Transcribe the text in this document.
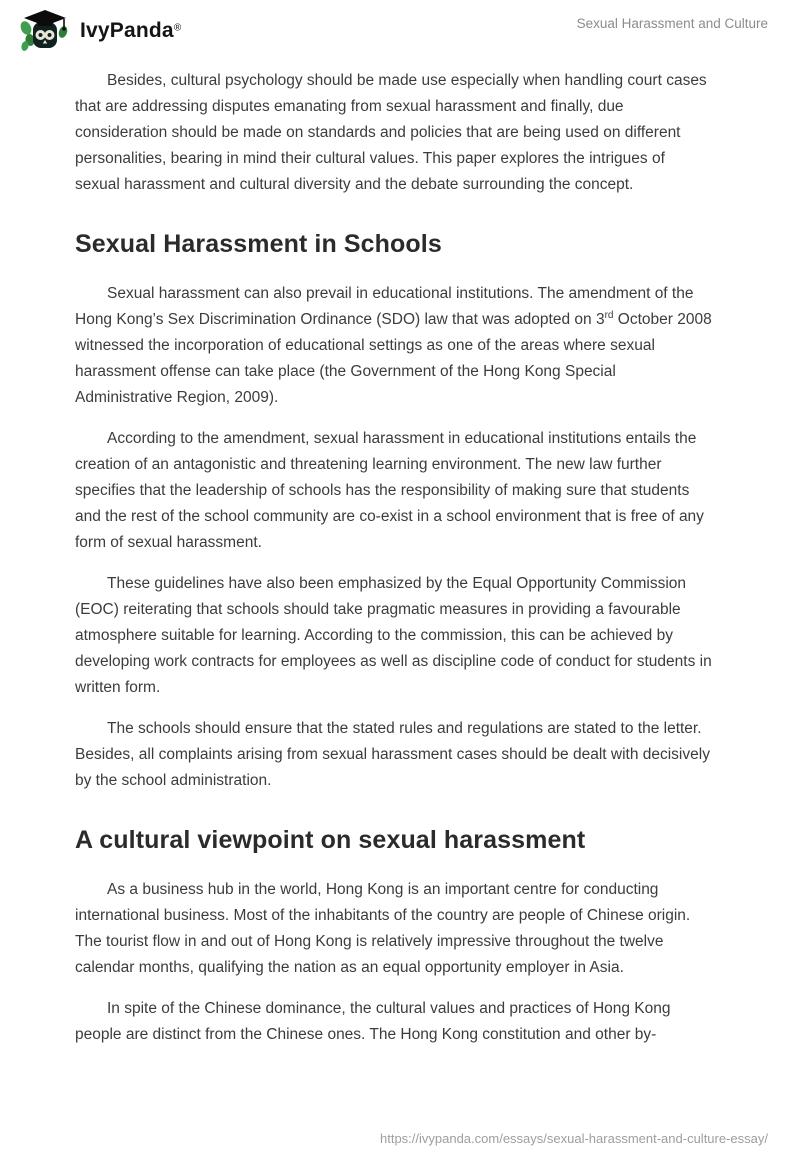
IvyPanda®	Sexual Harassment and Culture

Besides, cultural psychology should be made use especially when handling court cases that are addressing disputes emanating from sexual harassment and finally, due consideration should be made on standards and policies that are being used on different personalities, bearing in mind their cultural values. This paper explores the intrigues of sexual harassment and cultural diversity and the debate surrounding the concept.

Sexual Harassment in Schools

Sexual harassment can also prevail in educational institutions. The amendment of the Hong Kong’s Sex Discrimination Ordinance (SDO) law that was adopted on 3rd October 2008 witnessed the incorporation of educational settings as one of the areas where sexual harassment offense can take place (the Government of the Hong Kong Special Administrative Region, 2009).

According to the amendment, sexual harassment in educational institutions entails the creation of an antagonistic and threatening learning environment. The new law further specifies that the leadership of schools has the responsibility of making sure that students and the rest of the school community are co-exist in a school environment that is free of any form of sexual harassment.

These guidelines have also been emphasized by the Equal Opportunity Commission (EOC) reiterating that schools should take pragmatic measures in providing a favourable atmosphere suitable for learning. According to the commission, this can be achieved by developing work contracts for employees as well as discipline code of conduct for students in written form.

The schools should ensure that the stated rules and regulations are stated to the letter. Besides, all complaints arising from sexual harassment cases should be dealt with decisively by the school administration.

A cultural viewpoint on sexual harassment

As a business hub in the world, Hong Kong is an important centre for conducting international business. Most of the inhabitants of the country are people of Chinese origin. The tourist flow in and out of Hong Kong is relatively impressive throughout the twelve calendar months, qualifying the nation as an equal opportunity employer in Asia.

In spite of the Chinese dominance, the cultural values and practices of Hong Kong people are distinct from the Chinese ones. The Hong Kong constitution and other by-

https://ivypanda.com/essays/sexual-harassment-and-culture-essay/
